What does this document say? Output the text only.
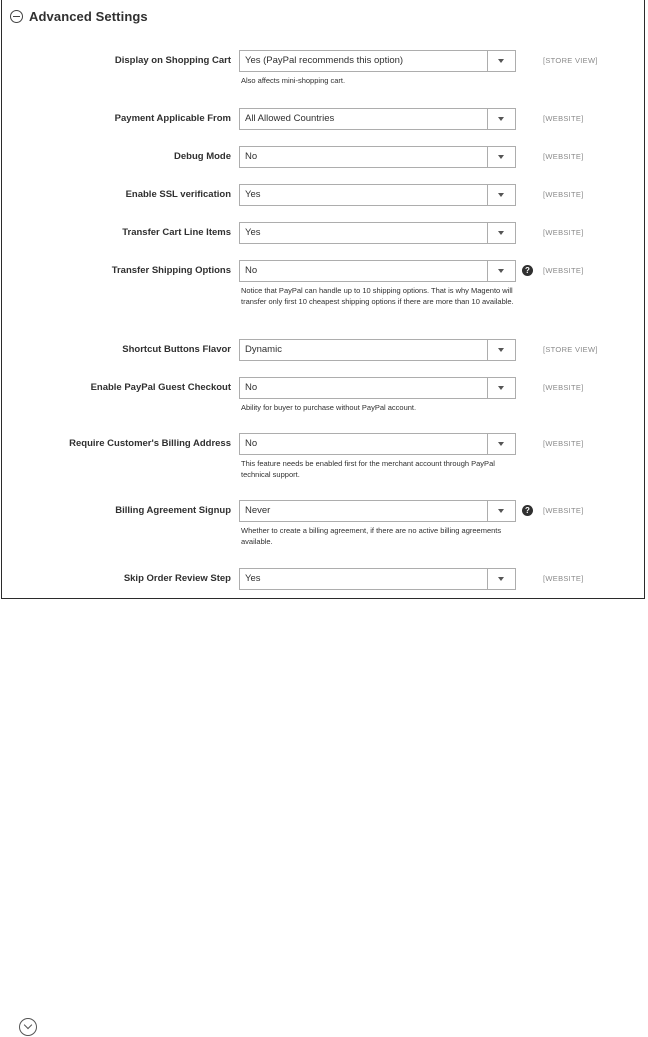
Advanced Settings
Display on Shopping Cart Yes (PayPal recommends this option)	[STORE VIEW]
Also affects mini-shopping cart.
Payment Applicable From All Allowed Countries	[WEBSITE]
Debug Mode No	[WEBSITE]
Enable SSL verification Yes	[WEBSITE]
Transfer Cart Line Items Yes	[WEBSITE]
Transfer Shipping Options No	?	[WEBSITE]
Notice that PayPal can handle up to 10 shipping options. That is why Magento will transfer only first 10 cheapest shipping options if there are more than 10 available.
Shortcut Buttons Flavor Dynamic	[STORE VIEW]
Enable PayPal Guest Checkout No	[WEBSITE]
Ability for buyer to purchase without PayPal account.
Require Customer's Billing Address No	[WEBSITE]
This feature needs be enabled first for the merchant account through PayPal technical support.
Billing Agreement Signup Never	?	[WEBSITE]
Whether to create a billing agreement, if there are no active billing agreements available.
Skip Order Review Step Yes	[WEBSITE]
